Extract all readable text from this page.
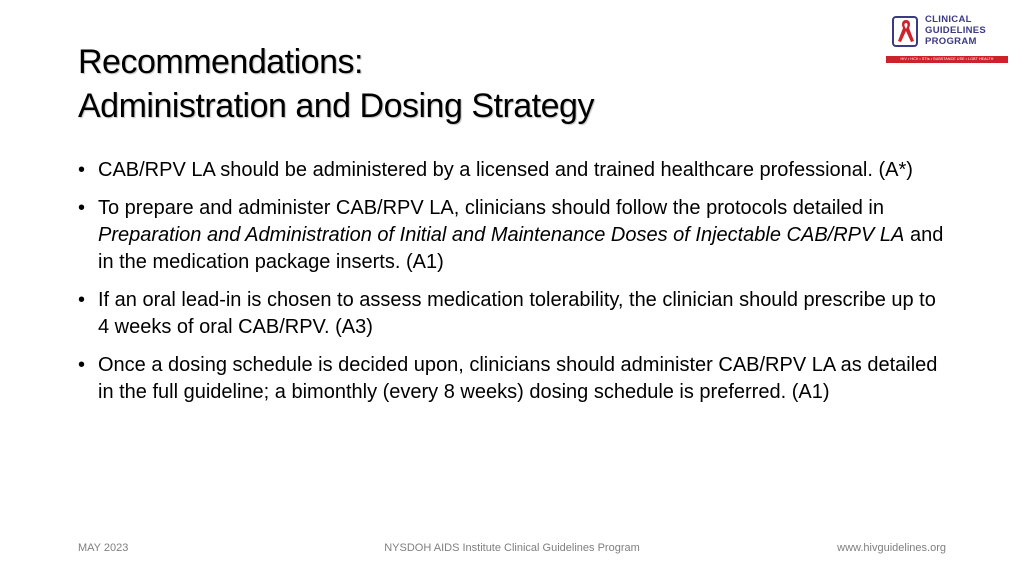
Recommendations:
Administration and Dosing Strategy
CLINICAL
GUIDELINES
PROGRAM
HIV • HCV • STIs • SUBSTANCE USE • LGBT HEALTH
• CAB/RPV LA should be administered by a licensed and trained healthcare professional. (A*)
• To prepare and administer CAB/RPV LA, clinicians should follow the protocols detailed in Preparation and Administration of Initial and Maintenance Doses of Injectable CAB/RPV LA and in the medication package inserts. (A1)
• If an oral lead-in is chosen to assess medication tolerability, the clinician should prescribe up to 4 weeks of oral CAB/RPV. (A3)
• Once a dosing schedule is decided upon, clinicians should administer CAB/RPV LA as detailed in the full guideline; a bimonthly (every 8 weeks) dosing schedule is preferred. (A1)
MAY 2023	NYSDOH AIDS Institute Clinical Guidelines Program	www.hivguidelines.org
